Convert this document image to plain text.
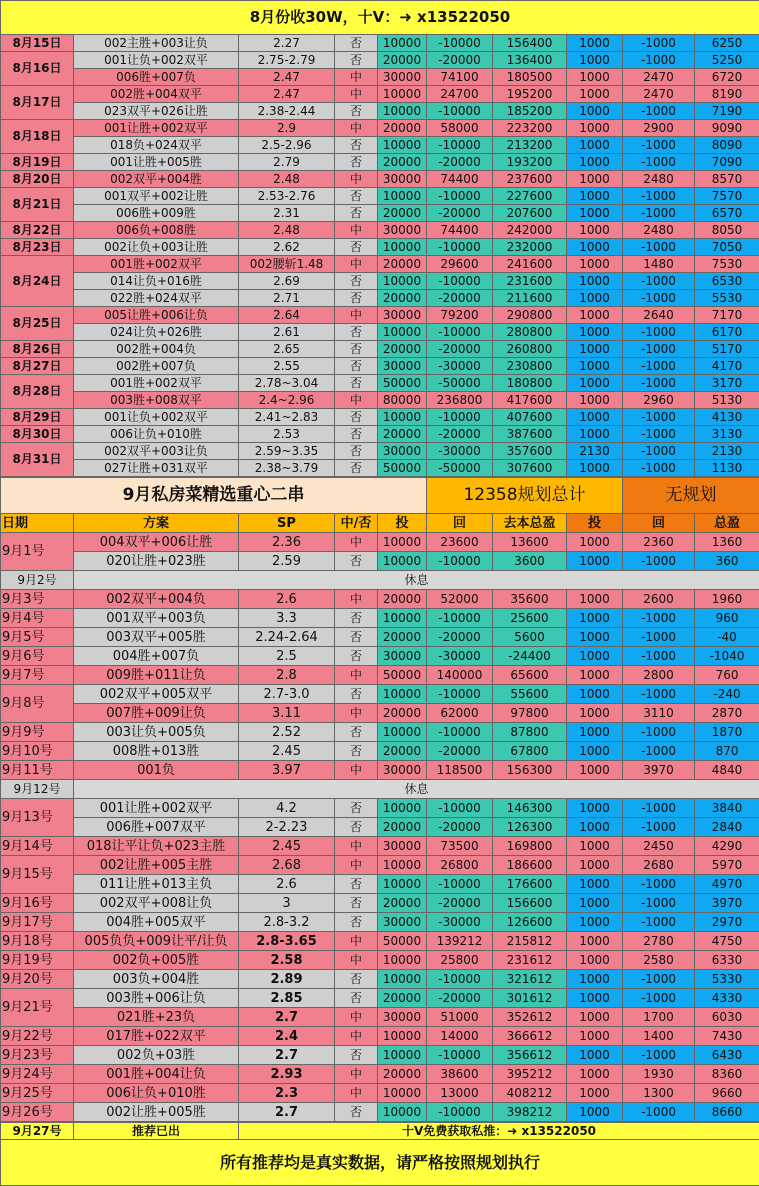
8月份收30W，十V：➜ x13522050									
8月15日	002主胜+003让负	2.27	否	10000	-10000	156400	1000	-1000	6250
8月16日	001让负+002双平	2.75-2.79	否	20000	-20000	136400	1000	-1000	5250
	006胜+007负	2.47	中	30000	74100	180500	1000	2470	6720
8月17日	002胜+004双平	2.47	中	10000	24700	195200	1000	2470	8190
	023双平+026让胜	2.38-2.44	否	10000	-10000	185200	1000	-1000	7190
8月18日	001让胜+002双平	2.9	中	20000	58000	223200	1000	2900	9090
	018负+024双平	2.5-2.96	否	10000	-10000	213200	1000	-1000	8090
8月19日	001让胜+005胜	2.79	否	20000	-20000	193200	1000	-1000	7090
8月20日	002双平+004胜	2.48	中	30000	74400	237600	1000	2480	8570
8月21日	001双平+002让胜	2.53-2.76	否	10000	-10000	227600	1000	-1000	7570
	006胜+009胜	2.31	否	20000	-20000	207600	1000	-1000	6570
8月22日	006负+008胜	2.48	中	30000	74400	242000	1000	2480	8050
8月23日	002让负+003让胜	2.62	否	10000	-10000	232000	1000	-1000	7050
8月24日	001胜+002双平	002腰斩1.48	中	20000	29600	241600	1000	1480	7530
	014让负+016胜	2.69	否	10000	-10000	231600	1000	-1000	6530
	022胜+024双平	2.71	否	20000	-20000	211600	1000	-1000	5530
8月25日	005让胜+006让负	2.64	中	30000	79200	290800	1000	2640	7170
	024让负+026胜	2.61	否	10000	-10000	280800	1000	-1000	6170
8月26日	002胜+004负	2.65	否	20000	-20000	260800	1000	-1000	5170
8月27日	002胜+007负	2.55	否	30000	-30000	230800	1000	-1000	4170
8月28日	001胜+002双平	2.78~3.04	否	50000	-50000	180800	1000	-1000	3170
	003胜+008双平	2.4~2.96	中	80000	236800	417600	1000	2960	5130
8月29日	001让负+002双平	2.41~2.83	否	10000	-10000	407600	1000	-1000	4130
8月30日	006让负+010胜	2.53	否	20000	-20000	387600	1000	-1000	3130
8月31日	002双平+003让负	2.59~3.35	否	30000	-30000	357600	2130	-1000	2130
	027让胜+031双平	2.38~3.79	否	50000	-50000	307600	1000	-1000	1130
9月私房菜精选重心二串					12358规划总计			无规划	
日期	方案	SP	中/否	投	回	去本总盈	投	回	总盈
9月1号	004双平+006让胜	2.36	中	10000	23600	13600	1000	2360	1360
	020让胜+023胜	2.59	否	10000	-10000	3600	1000	-1000	360
9月2号	休息								
9月3号	002双平+004负	2.6	中	20000	52000	35600	1000	2600	1960
9月4号	001双平+003负	3.3	否	10000	-10000	25600	1000	-1000	960
9月5号	003双平+005胜	2.24-2.64	否	20000	-20000	5600	1000	-1000	-40
9月6号	004胜+007负	2.5	否	30000	-30000	-24400	1000	-1000	-1040
9月7号	009胜+011让负	2.8	中	50000	140000	65600	1000	2800	760
9月8号	002双平+005双平	2.7-3.0	否	10000	-10000	55600	1000	-1000	-240
	007胜+009让负	3.11	中	20000	62000	97800	1000	3110	2870
9月9号	003让负+005负	2.52	否	10000	-10000	87800	1000	-1000	1870
9月10号	008胜+013胜	2.45	否	20000	-20000	67800	1000	-1000	870
9月11号	001负	3.97	中	30000	118500	156300	1000	3970	4840
9月12号	休息								
9月13号	001让胜+002双平	4.2	否	10000	-10000	146300	1000	-1000	3840
	006胜+007双平	2-2.23	否	20000	-20000	126300	1000	-1000	2840
9月14号	018让平让负+023主胜	2.45	中	30000	73500	169800	1000	2450	4290
9月15号	002让胜+005主胜	2.68	中	10000	26800	186600	1000	2680	5970
	011让胜+013主负	2.6	否	10000	-10000	176600	1000	-1000	4970
9月16号	002双平+008让负	3	否	20000	-20000	156600	1000	-1000	3970
9月17号	004胜+005双平	2.8-3.2	否	30000	-30000	126600	1000	-1000	2970
9月18号	005负负+009让平/让负	2.8-3.65	中	50000	139212	215812	1000	2780	4750
9月19号	002负+005胜	2.58	中	10000	25800	231612	1000	2580	6330
9月20号	003负+004胜	2.89	否	10000	-10000	321612	1000	-1000	5330
9月21号	003胜+006让负	2.85	否	20000	-20000	301612	1000	-1000	4330
	021胜+23负	2.7	中	30000	51000	352612	1000	1700	6030
9月22号	017胜+022双平	2.4	中	10000	14000	366612	1000	1400	7430
9月23号	002负+03胜	2.7	否	10000	-10000	356612	1000	-1000	6430
9月24号	001胜+004让负	2.93	中	20000	38600	395212	1000	1930	8360
9月25号	006让负+010胜	2.3	中	10000	13000	408212	1000	1300	9660
9月26号	002让胜+005胜	2.7	否	10000	-10000	398212	1000	-1000	8660
9月27号	推荐已出	十V免费获取私推：➜ x13522050
所有推荐均是真实数据，请严格按照规划执行
